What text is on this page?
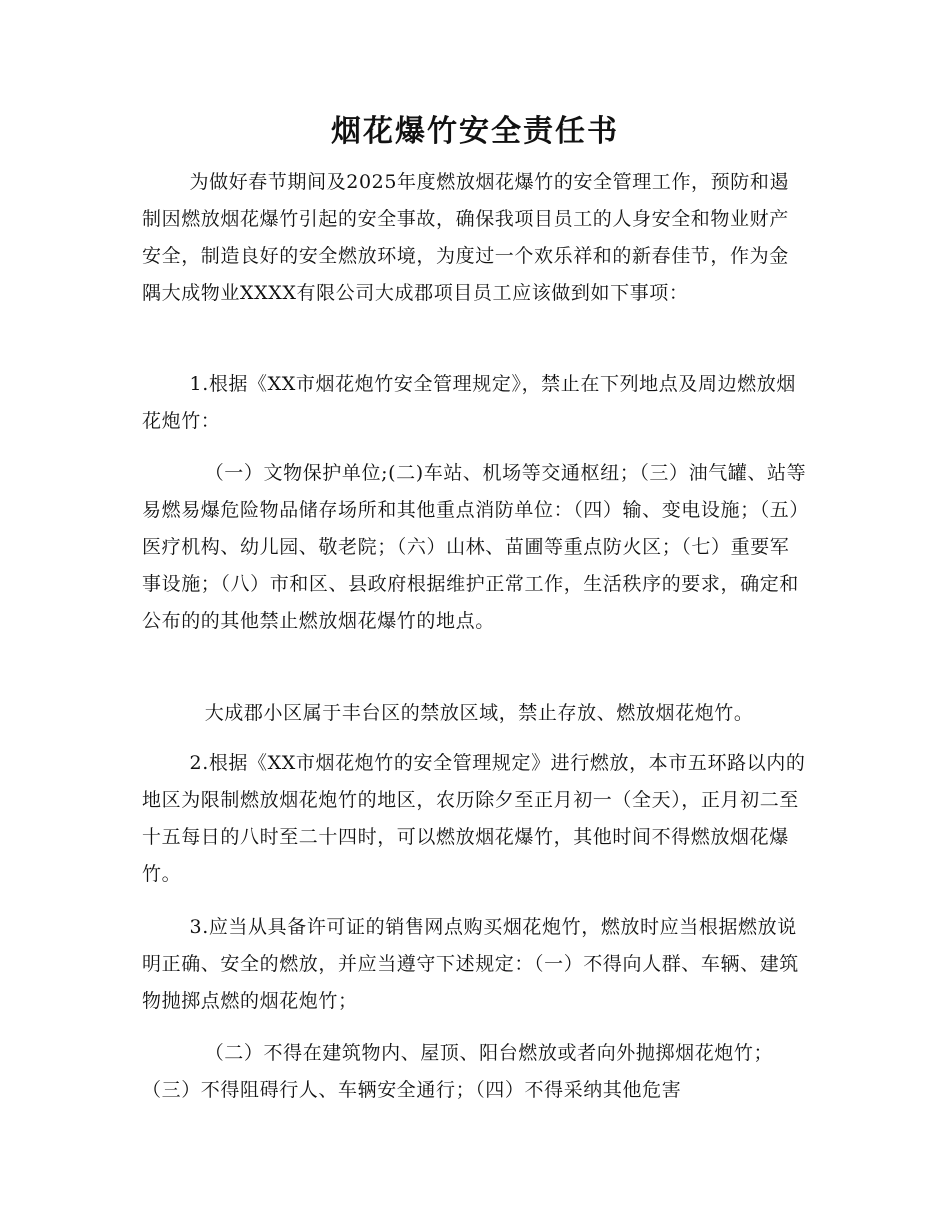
烟花爆竹安全责任书

为做好春节期间及2025年度燃放烟花爆竹的安全管理工作，预防和遏制因燃放烟花爆竹引起的安全事故，确保我项目员工的人身安全和物业财产安全，制造良好的安全燃放环境，为度过一个欢乐祥和的新春佳节，作为金隅大成物业XXXX有限公司大成郡项目员工应该做到如下事项：

1.根据《XX市烟花炮竹安全管理规定》，禁止在下列地点及周边燃放烟花炮竹：

（一）文物保护单位;(二)车站、机场等交通枢纽；（三）油气罐、站等易燃易爆危险物品储存场所和其他重点消防单位：（四）输、变电设施；（五）医疗机构、幼儿园、敬老院；（六）山林、苗圃等重点防火区；（七）重要军事设施；（八）市和区、县政府根据维护正常工作，生活秩序的要求，确定和公布的的其他禁止燃放烟花爆竹的地点。

大成郡小区属于丰台区的禁放区域，禁止存放、燃放烟花炮竹。

2.根据《XX市烟花炮竹的安全管理规定》进行燃放，本市五环路以内的地区为限制燃放烟花炮竹的地区，农历除夕至正月初一（全天），正月初二至十五每日的八时至二十四时，可以燃放烟花爆竹，其他时间不得燃放烟花爆竹。

3.应当从具备许可证的销售网点购买烟花炮竹，燃放时应当根据燃放说明正确、安全的燃放，并应当遵守下述规定：（一）不得向人群、车辆、建筑物抛掷点燃的烟花炮竹；

（二）不得在建筑物内、屋顶、阳台燃放或者向外抛掷烟花炮竹；（三）不得阻碍行人、车辆安全通行；（四）不得采纳其他危害
